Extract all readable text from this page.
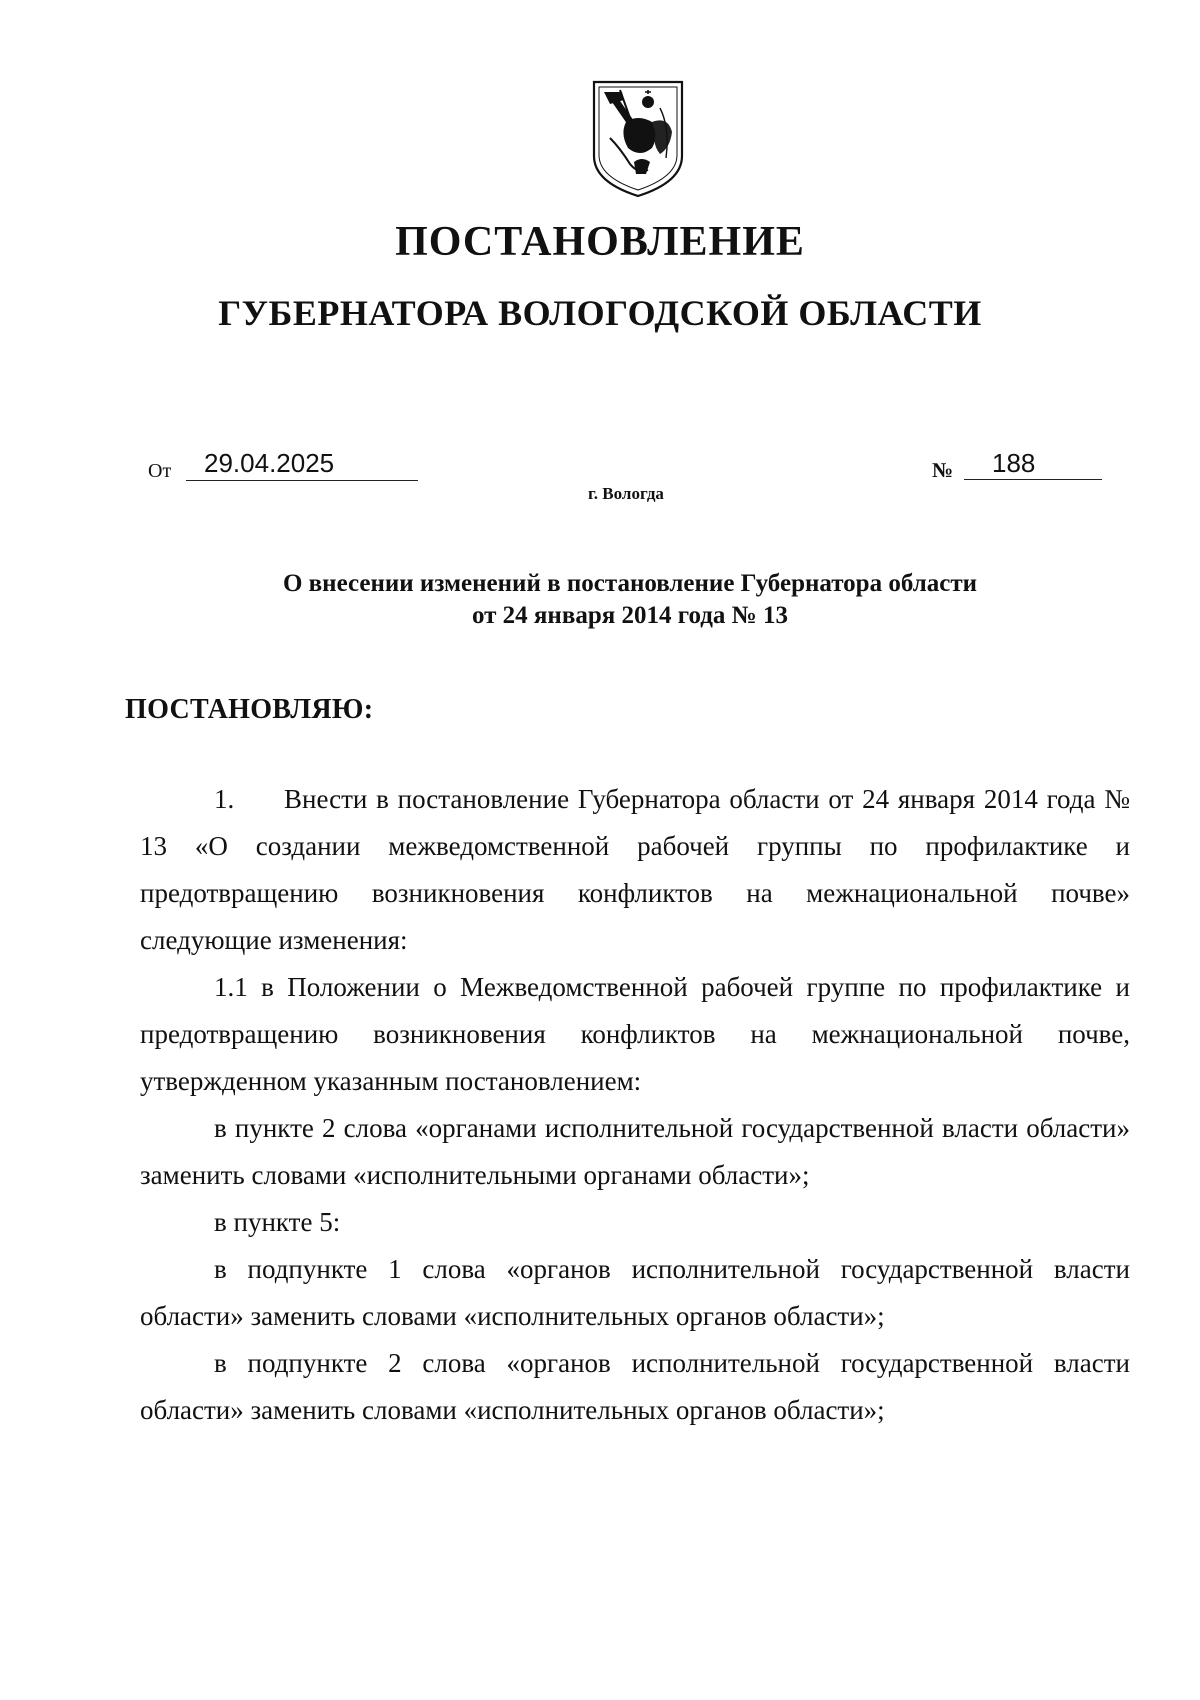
ПОСТАНОВЛЕНИЕ
ГУБЕРНАТОРА ВОЛОГОДСКОЙ ОБЛАСТИ
От	29.04.2025	№	188
г. Вологда
О внесении изменений в постановление Губернатора области
от 24 января 2014 года № 13
ПОСТАНОВЛЯЮ:

1. Внести в постановление Губернатора области от 24 января 2014 года № 13 «О создании межведомственной рабочей группы по профилактике и предотвращению возникновения конфликтов на межнациональной почве» следующие изменения:

1.1 в Положении о Межведомственной рабочей группе по профилактике и предотвращению возникновения конфликтов на межнациональной почве, утвержденном указанным постановлением:

в пункте 2 слова «органами исполнительной государственной власти области» заменить словами «исполнительными органами области»;

в пункте 5:

в подпункте 1 слова «органов исполнительной государственной власти области» заменить словами «исполнительных органов области»;

в подпункте 2 слова «органов исполнительной государственной власти области» заменить словами «исполнительных органов области»;
